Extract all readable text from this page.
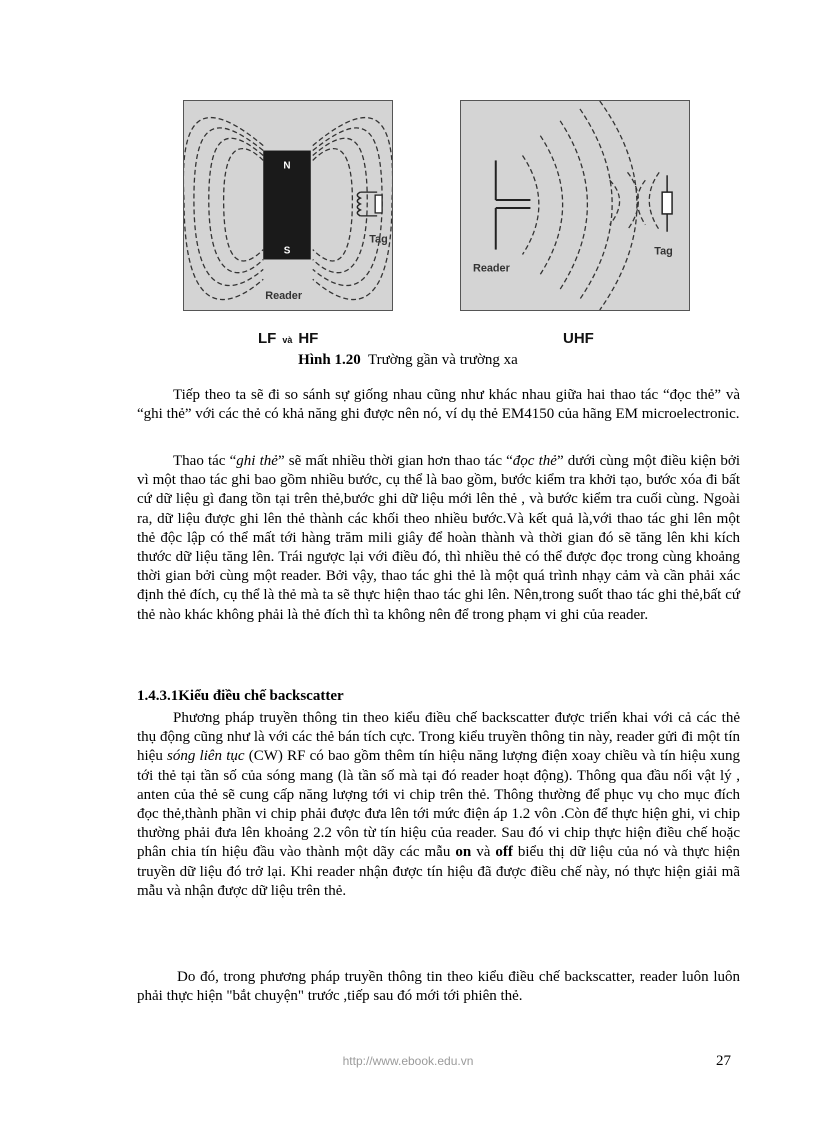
N
S
Tag
Reader
Tag
Reader
LF và HF	UHF
Hình 1.20 Trường gần và trường xa

Tiếp theo ta sẽ đi so sánh sự giống nhau cũng như khác nhau giữa hai thao tác “đọc thẻ” và “ghi thẻ” với các thẻ có khả năng ghi được nên nó, ví dụ thẻ EM4150 của hãng EM microelectronic.

Thao tác “ghi thẻ” sẽ mất nhiều thời gian hơn thao tác “đọc thẻ” dưới cùng một điều kiện bởi vì một thao tác ghi bao gồm nhiều bước, cụ thể là bao gồm, bước kiểm tra khởi tạo, bước xóa đi bất cứ dữ liệu gì đang tồn tại trên thẻ,bước ghi dữ liệu mới lên thẻ , và bước kiểm tra cuối cùng. Ngoài ra, dữ liệu được ghi lên thẻ thành các khối theo nhiều bước.Và kết quả là,với thao tác ghi lên một thẻ độc lập có thể mất tới hàng trăm mili giây để hoàn thành và thời gian đó sẽ tăng lên khi kích thước dữ liệu tăng lên. Trái ngược lại với điều đó, thì nhiều thẻ có thể được đọc trong cùng khoảng thời gian bởi cùng một reader. Bởi vậy, thao tác ghi thẻ là một quá trình nhạy cảm và cần phải xác định thẻ đích, cụ thể là thẻ mà ta sẽ thực hiện thao tác ghi lên. Nên,trong suốt thao tác ghi thẻ,bất cứ thẻ nào khác không phải là thẻ đích thì ta không nên để trong phạm vi ghi của reader.

1.4.3.1Kiểu điều chế backscatter

Phương pháp truyền thông tin theo kiểu điều chế backscatter được triển khai với cả các thẻ thụ động cũng như là với các thẻ bán tích cực. Trong kiểu truyền thông tin này, reader gửi đi một tín hiệu sóng liên tục (CW) RF có bao gồm thêm tín hiệu năng lượng điện xoay chiều và tín hiệu xung tới thẻ tại tần số của sóng mang (là tần số mà tại đó reader hoạt động). Thông qua đầu nối vật lý , anten của thẻ sẽ cung cấp năng lượng tới vi chip trên thẻ. Thông thường để phục vụ cho mục đích đọc thẻ,thành phần vi chip phải được đưa lên tới mức điện áp 1.2 vôn .Còn để thực hiện ghi, vi chip thường phải đưa lên khoảng 2.2 vôn từ tín hiệu của reader. Sau đó vi chip thực hiện điều chế hoặc phân chia tín hiệu đầu vào thành một dãy các mẫu on và off biểu thị dữ liệu của nó và thực hiện truyền dữ liệu đó trở lại. Khi reader nhận được tín hiệu đã được điều chế này, nó thực hiện giải mã mẫu và nhận được dữ liệu trên thẻ.

Do đó, trong phương pháp truyền thông tin theo kiểu điều chế backscatter, reader luôn luôn phải thực hiện "bắt chuyện" trước ,tiếp sau đó mới tới phiên thẻ.

http://www.ebook.edu.vn	27
